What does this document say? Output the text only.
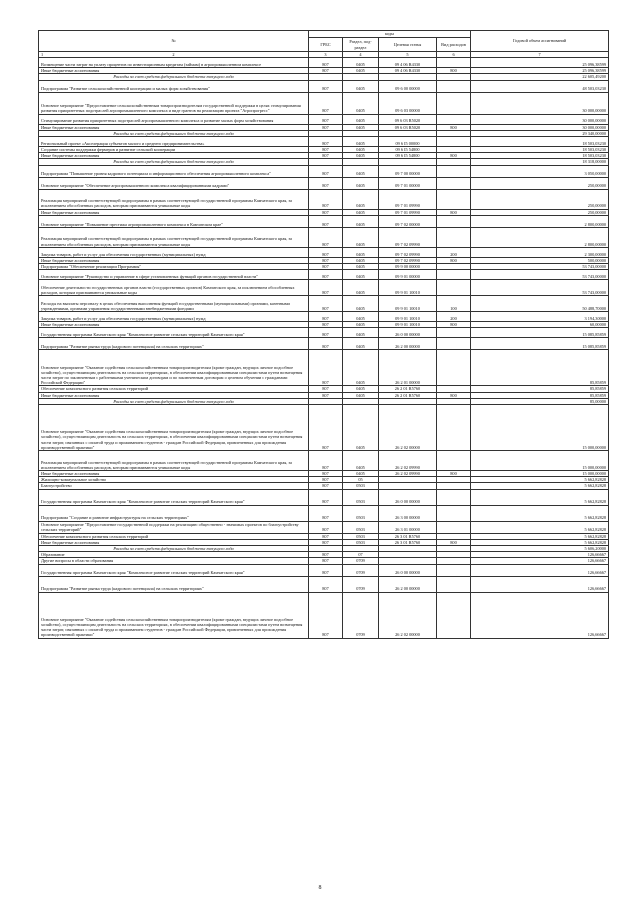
№	коды				Годовой объем ассигнований
	ГРБС	Раздел, под-раздел	Целевая статья	Вид расходов	

1 2	3	4	5	6	7
Возмещение части затрат на уплату процентов по инвестиционным кредитам (займам) в агропромышленном комплексе	807	0405	09 4 06 R4330		25 096,38599
Иные бюджетные ассигнования	807	0405	09 4 06 R4330	800	25 096,38599
Расходы за счет средств федерального бюджета текущего года					22 605,49200
Подпрограмма "Развитие сельскохозяйственной кооперации и малых форм хозяйствования"	807	0405	09 6 00 00000		48 503,03230
Основное мероприятие "Предоставление сельскохозяйственным товаропроизводителям государственной поддержки в целях стимулирования развития приоритетных подотраслей агропромышленного комплекса и виде грантов на реализацию проекта "Агропрогресс"	807	0405	09 6 03 00000		30 000,00000
Стимулирование развития приоритетных подотраслей агропромышленного комплекса и развитие малых форм хозяйствования	807	0405	09 6 03 R5020		30 000,00000
Иные бюджетные ассигнования	807	0405	09 6 03 R5020	800	30 000,00000
Расходы за счет средств федерального бюджета текущего года					29 340,00000
Региональный проект «Акселерация субъектов малого и среднего предпринимательства»	807	0405	09 6 I5 00000		18 503,03230
Создание системы поддержки фермеров и развитие сельской кооперации	807	0405	09 6 I5 54800		18 503,03230
Иные бюджетные ассигнования	807	0405	09 6 I5 54800	800	18 503,03230
Расходы за счет средств федерального бюджета текущего года					18 318,00000
Подпрограмма "Повышение уровня кадрового потенциала и информационного обеспечения агропромышленного комплекса"	807	0405	09 7 00 00000		3 050,00000
Основное мероприятие "Обеспечение агропромышленного комплекса квалифицированными кадрами"	807	0405	09 7 01 00000		250,00000
Реализация мероприятий соответствующей подпрограммы в рамках соответствующей государственной программы Камчатского края, за исключением обособленных расходов, которым присваиваются уникальные коды	807	0405	09 7 01 09990		250,00000
Иные бюджетные ассигнования	807	0405	09 7 01 09990	800	250,00000
Основное мероприятие "Повышение престижа агропромышленного комплекса в Камчатском крае"	807	0405	09 7 02 00000		2 800,00000
Реализация мероприятий соответствующей подпрограммы в рамках соответствующей государственной программы Камчатского края, за исключением обособленных расходов, которым присваиваются уникальные коды	807	0405	09 7 02 09990		2 800,00000
Закупка товаров, работ и услуг для обеспечения государственных (муниципальных) нужд	807	0405	09 7 02 09990	200	2 300,00000
Иные бюджетные ассигнования	807	0405	09 7 02 09990	800	500,00000
Подпрограмма "Обеспечение реализации Программы"	807	0405	09 9 00 00000		53 743,00000
Основное мероприятие "Руководство и управление в сфере установленных функций органов государственной власти"	807	0405	09 9 01 00000		53 743,00000
Обеспечение деятельности государственных органов власти (государственных органов) Камчатского края, за исключением обособленных расходов, которым присваиваются уникальные коды	807	0405	09 9 01 10010		53 743,00000
Расходы на выплаты персоналу в целях обеспечения выполнения функций государственными (муниципальными) органами, казенными учреждениями, органами управления государственными внебюджетными фондами	807	0405	09 9 01 10010	100	50 488,70000
Закупка товаров, работ и услуг для обеспечения государственных (муниципальных) нужд	807	0405	09 9 01 10010	200	3 194,30000
Иные бюджетные ассигнования	807	0405	09 9 01 10010	800	60,00000
Государственная программа Камчатского края "Комплексное развитие сельских территорий Камчатского края"	807	0405	26 0 00 00000		15 085,85859
Подпрограмма "Развитие рынка труда (кадрового потенциала) на сельских территориях"	807	0405	26 2 00 00000		15 085,85859
Основное мероприятие "Оказание содействия сельскохозяйственным товаропроизводителям (кроме граждан, ведущих личное подсобное хозяйство), осуществляющим деятельность на сельских территориях, в обеспечении квалифицированными специалистами путем возмещения части затрат по заключенным с работниками ученическим договорам и по заключенным договорам о целевом обучении с гражданами Российской Федерации"	807	0405	26 2 01 00000		85,85859
Обеспечение комплексного развития сельских территорий	807	0405	26 2 01 R5760		85,85859
Иные бюджетные ассигнования	807	0405	26 2 01 R5760	800	85,85859
Расходы за счет средств федерального бюджета текущего года					85,00000
Основное мероприятие "Оказание содействия сельскохозяйственным товаропроизводителям (кроме граждан, ведущих личное подсобное хозяйство), осуществляющим деятельность на сельских территориях, в обеспечении квалифицированными специалистами путем возмещения части затрат, связанных с оплатой труда и проживанием студентов - граждан Российской Федерации, привлеченных для прохождения производственной практики"	807	0405	26 2 02 00000		15 000,00000
Реализация мероприятий соответствующей подпрограммы в рамках соответствующей государственной программы Камчатского края, за исключением обособленных расходов, которым присваиваются уникальные коды	807	0405	26 2 02 09990		15 000,00000
Иные бюджетные ассигнования	807	0405	26 2 02 09990	800	15 000,00000
Жилищно-коммунальное хозяйство	807	05			5 662,82828
Благоустройство	807	0503			5 662,82828
Государственная программа Камчатского края "Комплексное развитие сельских территорий Камчатского края"	807	0503	26 0 00 00000		5 662,82828
Подпрограмма "Создание и развитие инфраструктуры на сельских территориях"	807	0503	26 3 00 00000		5 662,82828
Основное мероприятие "Предоставление государственной поддержки на реализацию общественно - значимых проектов по благоустройству сельских территорий"	807	0503	26 3 01 00000		5 662,82828
Обеспечение комплексного развития сельских территорий	807	0503	26 3 01 R5760		5 662,82828
Иные бюджетные ассигнования	807	0503	26 3 01 R5760	800	5 662,82828
Расходы за счет средств федерального бюджета текущего года					5 606,20000
Образование	807	07			126,66667
Другие вопросы в области образования	807	0709			126,66667
Государственная программа Камчатского края "Комплексное развитие сельских территорий Камчатского края"	807	0709	26 0 00 00000		126,66667
Подпрограмма "Развитие рынка труда (кадрового потенциала) на сельских территориях"	807	0709	26 2 00 00000		126,66667
Основное мероприятие "Оказание содействия сельскохозяйственным товаропроизводителям (кроме граждан, ведущих личное подсобное хозяйство), осуществляющим деятельность на сельских территориях, в обеспечении квалифицированными специалистами путем возмещения части затрат, связанных с оплатой труда и проживанием студентов - граждан Российской Федерации, привлеченных для прохождения производственной практики"	807	0709	26 2 02 00000		126,66667
8
